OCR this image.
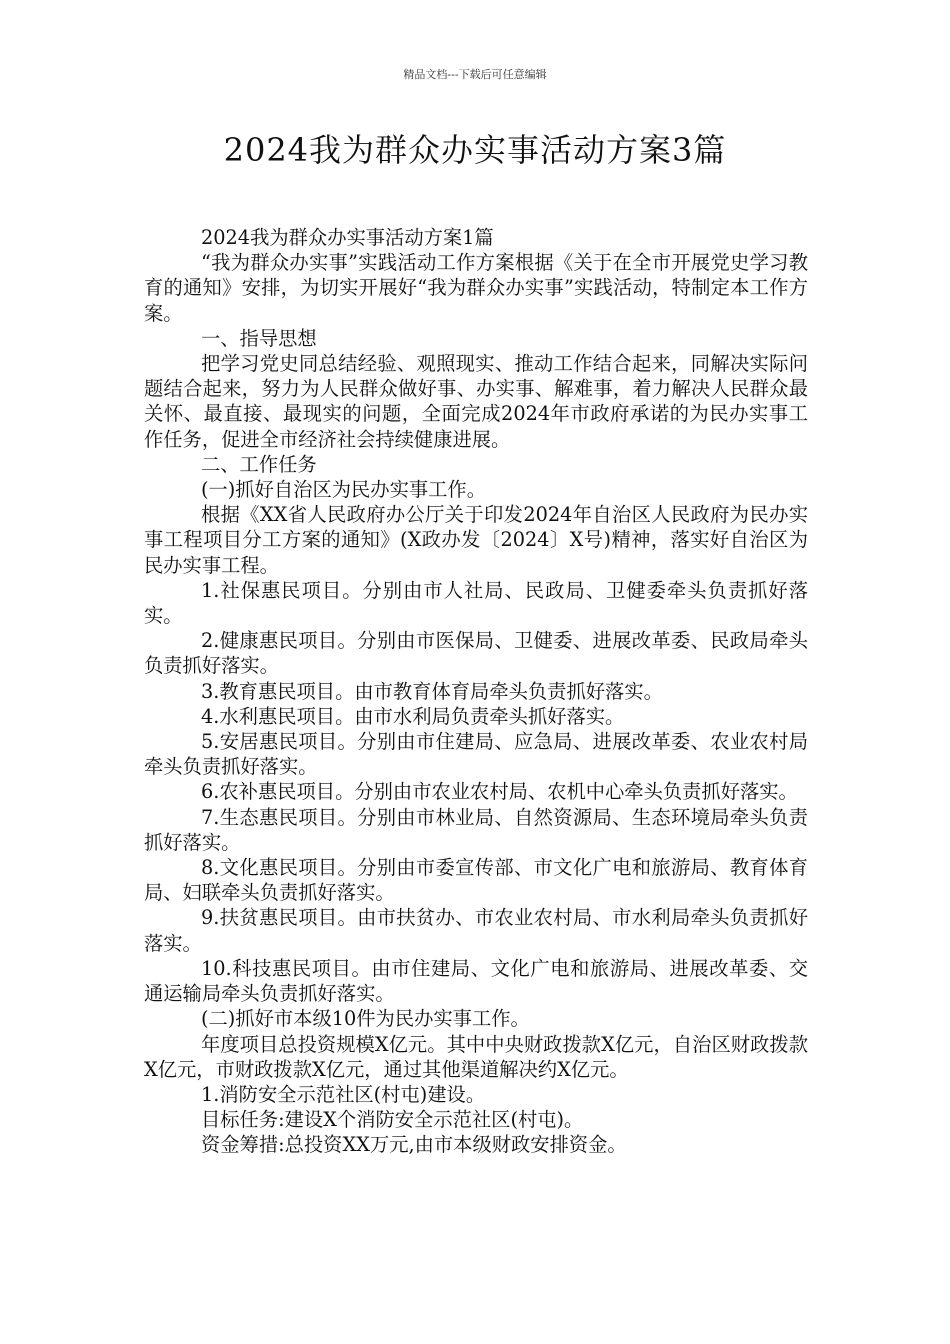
精品文档---下载后可任意编辑
2024我为群众办实事活动方案3篇

2024我为群众办实事活动方案1篇

“我为群众办实事”实践活动工作方案根据《关于在全市开展党史学习教育的通知》安排，为切实开展好“我为群众办实事”实践活动，特制定本工作方案。

一、指导思想

把学习党史同总结经验、观照现实、推动工作结合起来，同解决实际问题结合起来，努力为人民群众做好事、办实事、解难事，着力解决人民群众最关怀、最直接、最现实的问题，全面完成2024年市政府承诺的为民办实事工作任务，促进全市经济社会持续健康进展。

二、工作任务

(一)抓好自治区为民办实事工作。

根据《XX省人民政府办公厅关于印发2024年自治区人民政府为民办实事工程项目分工方案的通知》(X政办发〔2024〕X号)精神，落实好自治区为民办实事工程。

1.社保惠民项目。分别由市人社局、民政局、卫健委牵头负责抓好落实。

2.健康惠民项目。分别由市医保局、卫健委、进展改革委、民政局牵头负责抓好落实。

3.教育惠民项目。由市教育体育局牵头负责抓好落实。

4.水利惠民项目。由市水利局负责牵头抓好落实。

5.安居惠民项目。分别由市住建局、应急局、进展改革委、农业农村局牵头负责抓好落实。

6.农补惠民项目。分别由市农业农村局、农机中心牵头负责抓好落实。

7.生态惠民项目。分别由市林业局、自然资源局、生态环境局牵头负责抓好落实。

8.文化惠民项目。分别由市委宣传部、市文化广电和旅游局、教育体育局、妇联牵头负责抓好落实。

9.扶贫惠民项目。由市扶贫办、市农业农村局、市水利局牵头负责抓好落实。

10.科技惠民项目。由市住建局、文化广电和旅游局、进展改革委、交通运输局牵头负责抓好落实。

(二)抓好市本级10件为民办实事工作。

年度项目总投资规模X亿元。其中中央财政拨款X亿元，自治区财政拨款X亿元，市财政拨款X亿元，通过其他渠道解决约X亿元。

1.消防安全示范社区(村屯)建设。

目标任务:建设X个消防安全示范社区(村屯)。

资金筹措:总投资XX万元,由市本级财政安排资金。
